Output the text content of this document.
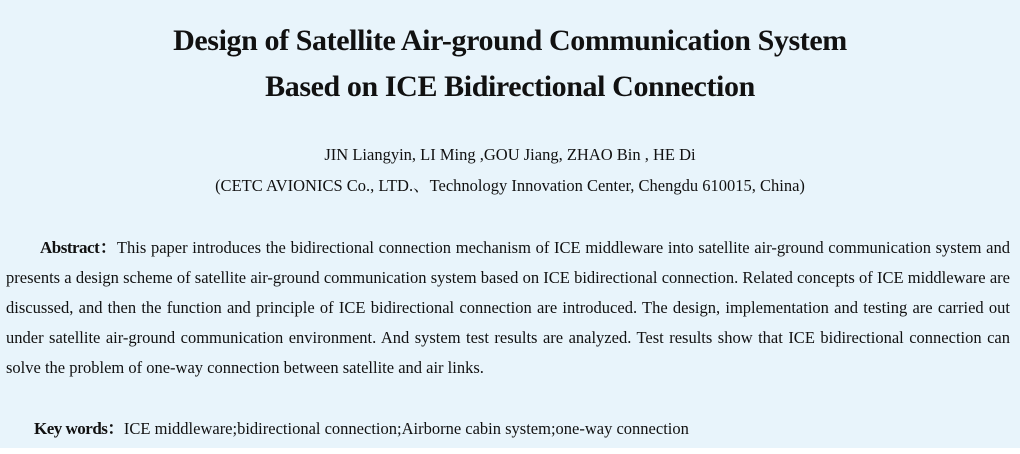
Design of Satellite Air-ground Communication System
Based on ICE Bidirectional Connection
JIN Liangyin, LI Ming ,GOU Jiang, ZHAO Bin , HE Di
(CETC AVIONICS Co., LTD.、Technology Innovation Center, Chengdu 610015, China)
Abstract：This paper introduces the bidirectional connection mechanism of ICE middleware into satellite air-ground communication system and presents a design scheme of satellite air-ground communication system based on ICE bidirectional connection. Related concepts of ICE middleware are discussed, and then the function and principle of ICE bidirectional connection are introduced. The design, implementation and testing are carried out under satellite air-ground communication environment. And system test results are analyzed. Test results show that ICE bidirectional connection can solve the problem of one-way connection between satellite and air links.
Key words：ICE middleware;bidirectional connection;Airborne cabin system;one-way connection
